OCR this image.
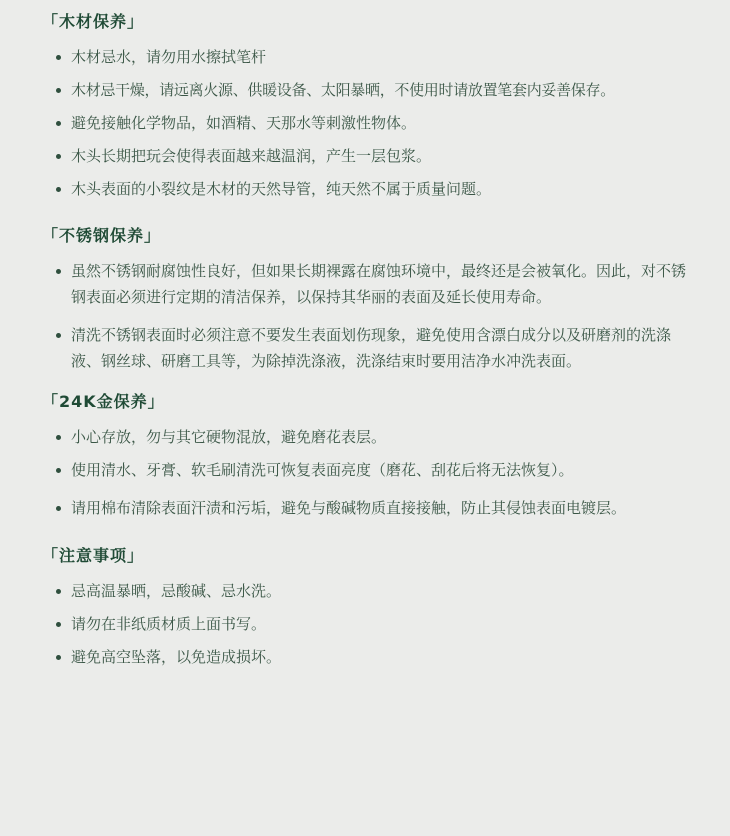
「木材保养」
木材忌水，请勿用水擦拭笔杆
木材忌干燥，请远离火源、供暖设备、太阳暴晒，不使用时请放置笔套内妥善保存。
避免接触化学物品，如酒精、天那水等刺激性物体。
木头长期把玩会使得表面越来越温润，产生一层包浆。
木头表面的小裂纹是木材的天然导管，纯天然不属于质量问题。
「不锈钢保养」
虽然不锈钢耐腐蚀性良好，但如果长期裸露在腐蚀环境中，最终还是会被氧化。因此，对不锈钢表面必须进行定期的清洁保养，以保持其华丽的表面及延长使用寿命。
清洗不锈钢表面时必须注意不要发生表面划伤现象，避免使用含漂白成分以及研磨剂的洗涤液、钢丝球、研磨工具等，为除掉洗涤液，洗涤结束时要用洁净水冲洗表面。
「24K金保养」
小心存放，勿与其它硬物混放，避免磨花表层。
使用清水、牙膏、软毛刷清洗可恢复表面亮度（磨花、刮花后将无法恢复）。
请用棉布清除表面汗渍和污垢，避免与酸碱物质直接接触，防止其侵蚀表面电镀层。
「注意事项」
忌高温暴晒，忌酸碱、忌水洗。
请勿在非纸质材质上面书写。
避免高空坠落，以免造成损坏。
